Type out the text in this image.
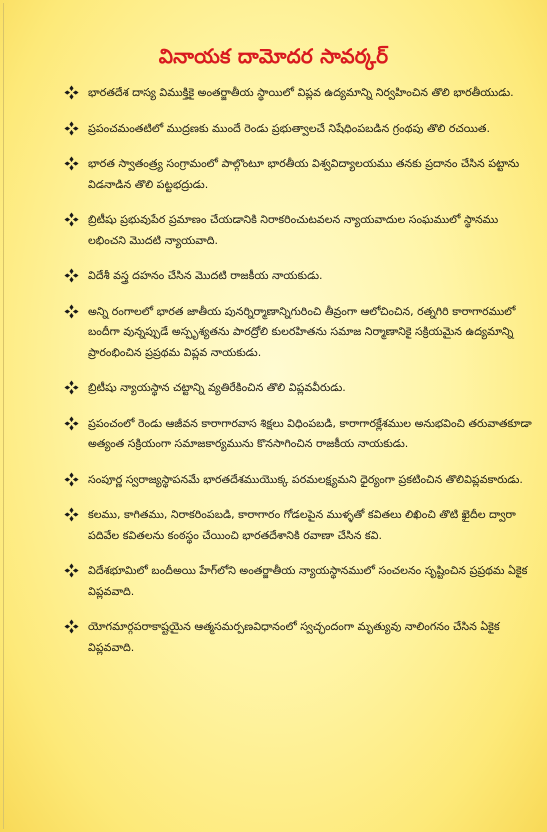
వినాయక దామోదర సావర్కర్
భారతదేశ దాస్య విముక్తికై అంతర్జాతీయ స్థాయిలో విప్లవ ఉద్యమాన్ని నిర్వహించిన తొలి భారతీయుడు.
ప్రపంచమంతటిలో ముద్రణకు ముందే రెండు ప్రభుత్వాలచే నిషేధింపబడిన గ్రంథపు తొలి రచయిత.
భారత స్వాతంత్ర్య సంగ్రామంలో పాల్గొంటూ భారతీయ విశ్వవిద్యాలయము తనకు ప్రదానం చేసిన పట్టాను విడనాడిన తొలి పట్టభద్రుడు.
బ్రిటీషు ప్రభువుపేర ప్రమాణం చేయడానికి నిరాకరించుటవలన న్యాయవాదుల సంఘములో స్థానము లభించని మొదటి న్యాయవాది.
విదేశీ వస్త్ర దహనం చేసిన మొదటి రాజకీయ నాయకుడు.
అన్ని రంగాలలో భారత జాతీయ పునర్నిర్మాణాన్నిగురించి తీవ్రంగా ఆలోచించిన, రత్నగిరి కారాగారములో బందీగా వున్నప్పుడే అస్పృశ్యతను పారద్రోలి కులరహితను సమాజ నిర్మాణానికై సక్రియమైన ఉద్యమాన్ని ప్రారంభించిన ప్రప్రథమ విప్లవ నాయకుడు.
బ్రిటీషు న్యాయస్థాన చట్టాన్ని వ్యతిరేకించిన తొలి విప్లవవీరుడు.
ప్రపంచంలో రెండు ఆజీవన కారాగారవాస శిక్షలు విధింపబడి, కారాగారక్లేశముల అనుభవించి తరువాతకూడా అత్యంత సక్రియంగా సమాజకార్యమును కొనసాగించిన రాజకీయ నాయకుడు.
సంపూర్ణ స్వరాజ్యస్థాపనమే భారతదేశముయొక్క పరమలక్ష్యమని ధైర్యంగా ప్రకటించిన తొలివిప్లవకారుడు.
కలము, కాగితము, నిరాకరింపబడి, కారాగారం గోడలపైన ముళ్ళతో కవితలు లిఖించి తొటి ఖైదీల ద్వారా పదివేల కవితలను కంఠస్థం చేయించి భారతదేశానికి రవాణా చేసిన కవి.
విదేశభూమిలో బందీఅయి హేగ్‌లోని అంతర్జాతీయ న్యాయస్థానములో సంచలనం సృష్టించిన ప్రప్రథమ ఏకైక విప్లవవాది.
యోగమార్గపరాకాష్టయైన ఆత్మసమర్పణవిధానంలో స్వచ్ఛందంగా మృత్యువు నాలింగనం చేసిన ఏకైక విప్లవవాది.
